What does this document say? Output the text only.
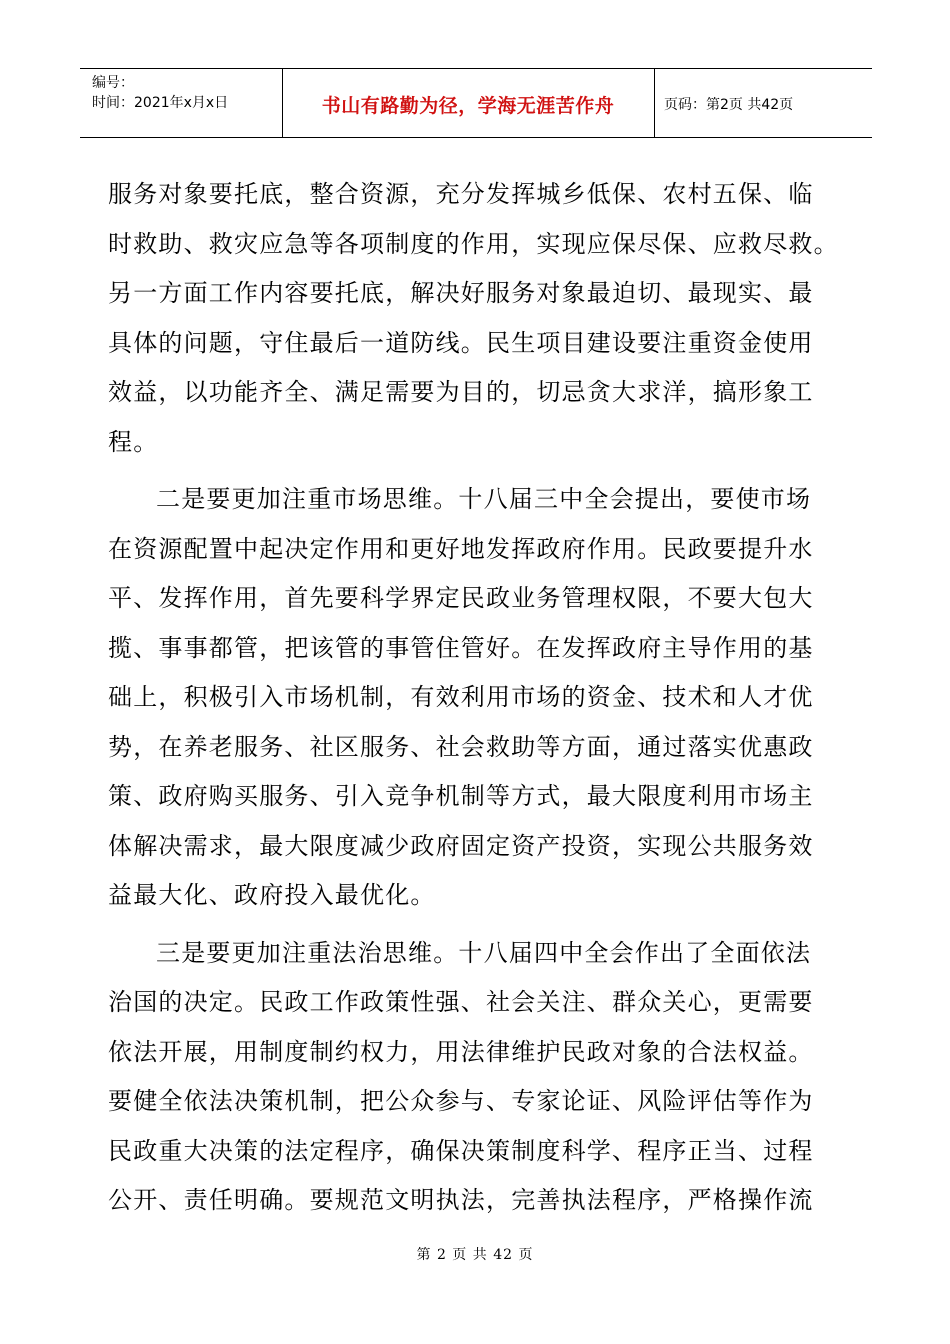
编号：
时间：2021年x月x日	书山有路勤为径，学海无涯苦作舟	页码：第2页 共42页
服务对象要托底，整合资源，充分发挥城乡低保、农村五保、临
时救助、救灾应急等各项制度的作用，实现应保尽保、应救尽救。
另一方面工作内容要托底，解决好服务对象最迫切、最现实、最
具体的问题，守住最后一道防线。民生项目建设要注重资金使用
效益，以功能齐全、满足需要为目的，切忌贪大求洋，搞形象工
程。
二是要更加注重市场思维。十八届三中全会提出，要使市场
在资源配置中起决定作用和更好地发挥政府作用。民政要提升水
平、发挥作用，首先要科学界定民政业务管理权限，不要大包大
揽、事事都管，把该管的事管住管好。在发挥政府主导作用的基
础上，积极引入市场机制，有效利用市场的资金、技术和人才优
势，在养老服务、社区服务、社会救助等方面，通过落实优惠政
策、政府购买服务、引入竞争机制等方式，最大限度利用市场主
体解决需求，最大限度减少政府固定资产投资，实现公共服务效
益最大化、政府投入最优化。
三是要更加注重法治思维。十八届四中全会作出了全面依法
治国的决定。民政工作政策性强、社会关注、群众关心，更需要
依法开展，用制度制约权力，用法律维护民政对象的合法权益。
要健全依法决策机制，把公众参与、专家论证、风险评估等作为
民政重大决策的法定程序，确保决策制度科学、程序正当、过程
公开、责任明确。要规范文明执法，完善执法程序，严格操作流
第 2 页 共 42 页
